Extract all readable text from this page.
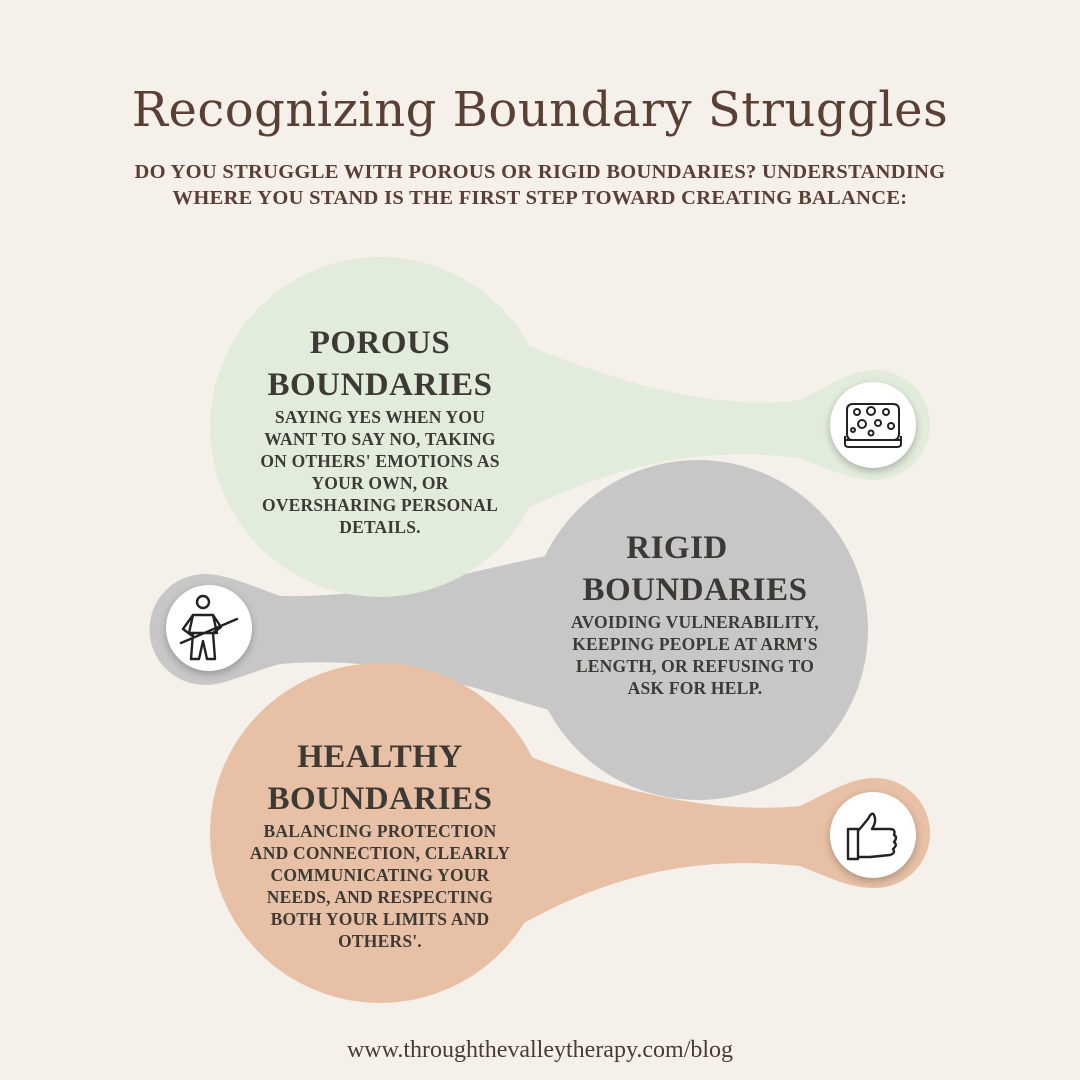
Recognizing Boundary Struggles
DO YOU STRUGGLE WITH POROUS OR RIGID BOUNDARIES? UNDERSTANDING
WHERE YOU STAND IS THE FIRST STEP TOWARD CREATING BALANCE:
POROUS
BOUNDARIES
SAYING YES WHEN YOU
WANT TO SAY NO, TAKING
ON OTHERS' EMOTIONS AS
YOUR OWN, OR
OVERSHARING PERSONAL
DETAILS.
RIGID
BOUNDARIES
AVOIDING VULNERABILITY,
KEEPING PEOPLE AT ARM'S
LENGTH, OR REFUSING TO
ASK FOR HELP.
HEALTHY
BOUNDARIES
BALANCING PROTECTION
AND CONNECTION, CLEARLY
COMMUNICATING YOUR
NEEDS, AND RESPECTING
BOTH YOUR LIMITS AND
OTHERS'.
www.throughthevalleytherapy.com/blog
